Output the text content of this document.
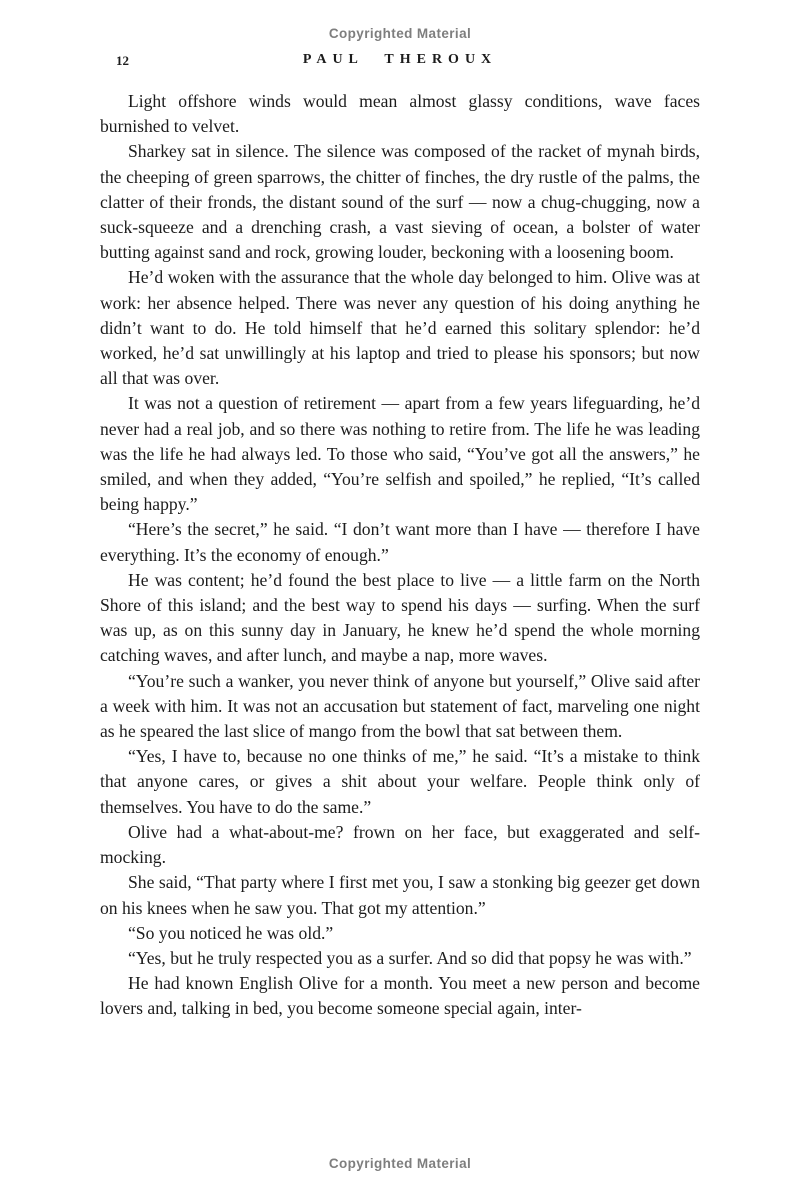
Copyrighted Material
12	PAUL THEROUX

Light offshore winds would mean almost glassy conditions, wave faces burnished to velvet.

Sharkey sat in silence. The silence was composed of the racket of mynah birds, the cheeping of green sparrows, the chitter of finches, the dry rustle of the palms, the clatter of their fronds, the distant sound of the surf — now a chug-chugging, now a suck-squeeze and a drenching crash, a vast sieving of ocean, a bolster of water butting against sand and rock, growing louder, beckoning with a loosening boom.

He’d woken with the assurance that the whole day belonged to him. Olive was at work: her absence helped. There was never any question of his doing anything he didn’t want to do. He told himself that he’d earned this solitary splendor: he’d worked, he’d sat unwillingly at his laptop and tried to please his sponsors; but now all that was over.

It was not a question of retirement — apart from a few years lifeguarding, he’d never had a real job, and so there was nothing to retire from. The life he was leading was the life he had always led. To those who said, “You’ve got all the answers,” he smiled, and when they added, “You’re selfish and spoiled,” he replied, “It’s called being happy.”

“Here’s the secret,” he said. “I don’t want more than I have — therefore I have everything. It’s the economy of enough.”

He was content; he’d found the best place to live — a little farm on the North Shore of this island; and the best way to spend his days — surfing. When the surf was up, as on this sunny day in January, he knew he’d spend the whole morning catching waves, and after lunch, and maybe a nap, more waves.

“You’re such a wanker, you never think of anyone but yourself,” Olive said after a week with him. It was not an accusation but statement of fact, marveling one night as he speared the last slice of mango from the bowl that sat between them.

“Yes, I have to, because no one thinks of me,” he said. “It’s a mistake to think that anyone cares, or gives a shit about your welfare. People think only of themselves. You have to do the same.”

Olive had a what-about-me? frown on her face, but exaggerated and self-mocking.

She said, “That party where I first met you, I saw a stonking big geezer get down on his knees when he saw you. That got my attention.”

“So you noticed he was old.”

“Yes, but he truly respected you as a surfer. And so did that popsy he was with.”

He had known English Olive for a month. You meet a new person and become lovers and, talking in bed, you become someone special again, inter-

Copyrighted Material
